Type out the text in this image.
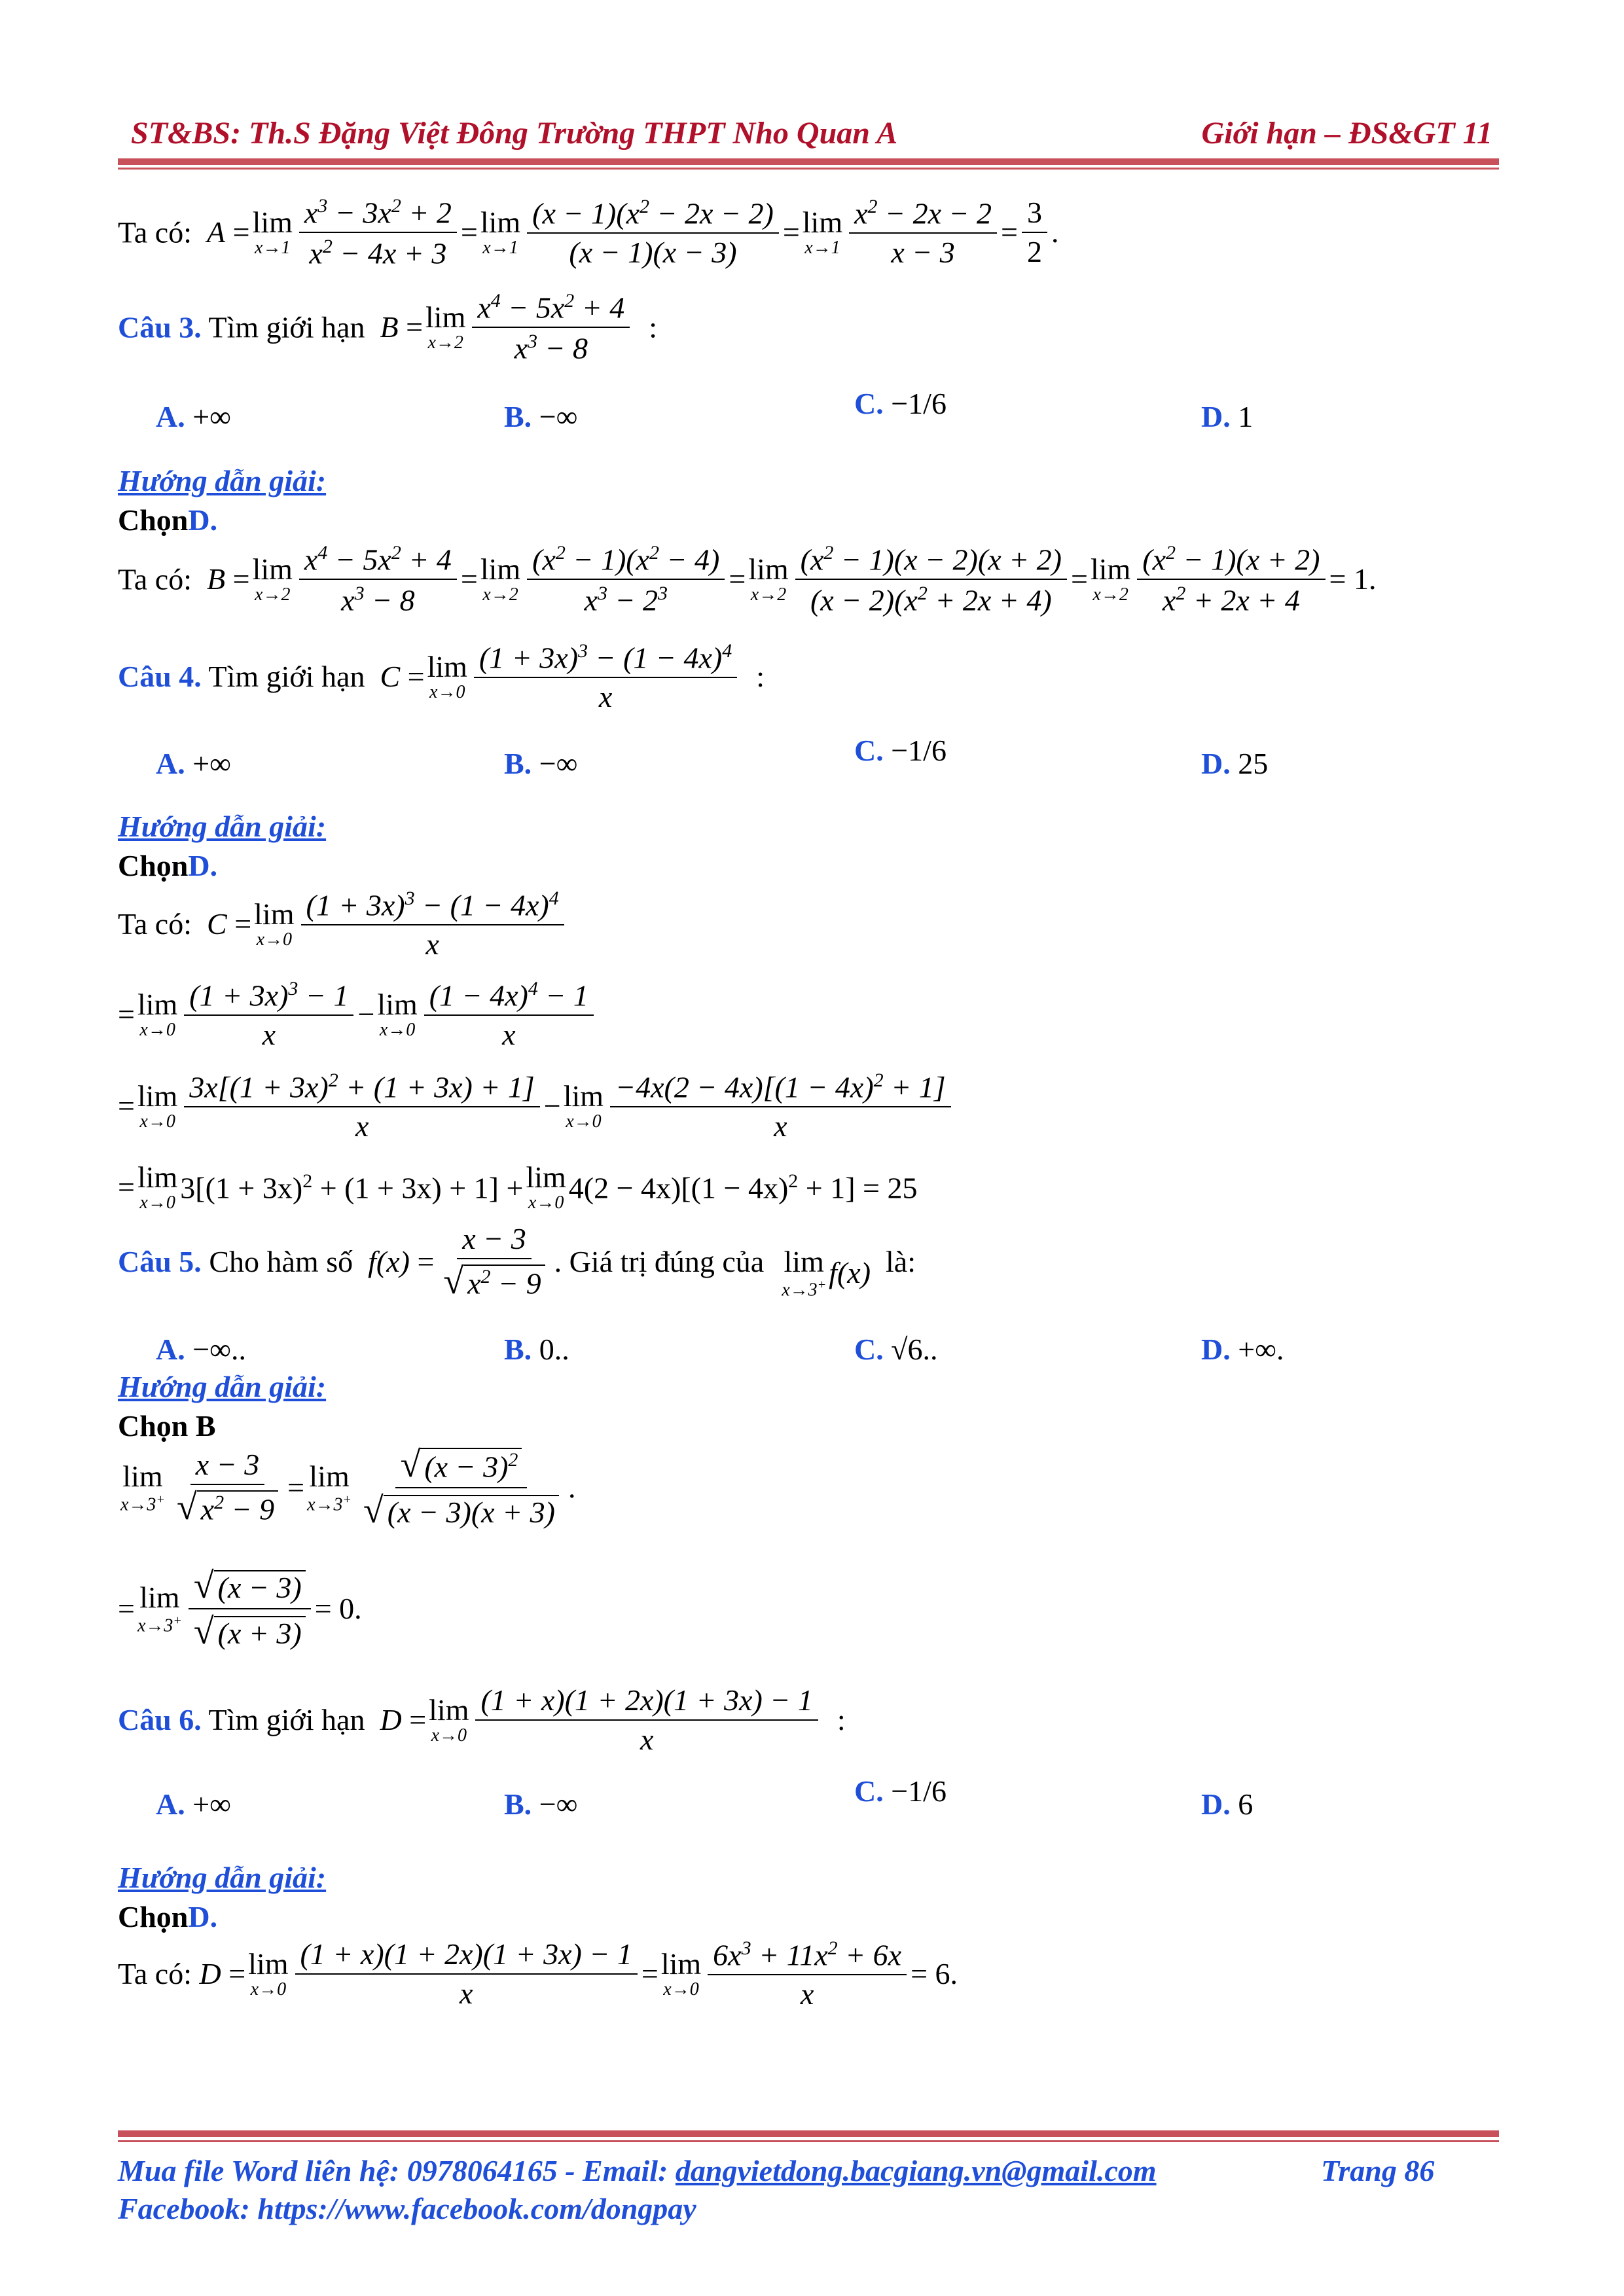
ST&BS: Th.S Đặng Việt Đông Trường THPT Nho Quan A	Giới hạn – ĐS&GT 11
Ta có: A = lim
$x\to 1 \frac{x^3 - 3x^2 + 2}{x^2 - 4x + 3} = \lim$
$x\to 1 \frac{(x - 1)(x^2 - 2x - 2)}{(x - 1)(x - 3)} = \lim$
$x\to 1 \frac{x^2 - 2x - 2}{x - 3} = \frac{3}{2}$ .
Câu 3. Tìm giới hạn B = lim
$x\to 2 \frac{x^4 - 5x^2 + 4}{x^3 - 8}$ :
A. +∞	B. −∞	C. −1/6	D. 1
Hướng dẫn giải:
ChọnD.
Ta có: B = lim
$x\to 2 \frac{x^4 - 5x^2 + 4}{x^3 - 8} = \lim$
$x\to 2 \frac{(x^2 - 1)(x^2 - 4)}{x^3 - 2^3} = \lim$
$x\to 2 \frac{(x^2 - 1)(x - 2)(x + 2)}{(x - 2)(x^2 + 2x + 4)} = \lim$
$x\to 2 \frac{(x^2 - 1)(x + 2)}{x^2 + 2x + 4} = 1$.
Câu 4. Tìm giới hạn C = lim
$x\to 0 \frac{(1 + 3x)^3 - (1 - 4x)^4}{x}$ :
A. +∞	B. −∞	C. −1/6	D. 25
Hướng dẫn giải:
ChọnD.
Ta có: C = lim
$x\to 0 \frac{(1 + 3x)^3 - (1 - 4x)^4}{x}$
= lim
$x\to 0 \frac{(1 + 3x)^3 - 1}{x} - \lim$
$x\to 0 \frac{(1 - 4x)^4 - 1}{x}$
= lim
$x\to 0 \frac{3x[(1 + 3x)^2 + (1 + 3x) + 1]}{x} - \lim$
$x\to 0 \frac{-4x(2 - 4x)[(1 - 4x)^2 + 1]}{x}$
= lim
x→0 $3[(1 + 3x)^2 + (1 + 3x) + 1] + \lim$
x→0 $4(2 - 4x)[(1 - 4x)^2 + 1] = 25$
Câu 5. Cho hàm số $f(x) = \frac{x - 3}{√ x^2 - 9}$ . Giá trị đúng của lim
x→3+ f(x) là:
A. −∞..	B. 0..	C. √6..	D. +∞.
Hướng dẫn giải:
Chọn B
lim
$x\to 3^+ \frac{x - 3}{√ x^2 - 9} = \lim$
$x\to 3^+ \frac{√ (x - 3)^2}{√ (x - 3)(x + 3)}$ .
= lim
$x\to 3^+ \frac{√ (x - 3)}{√ (x + 3)} = 0$.
Câu 6. Tìm giới hạn D = lim
$x\to 0 \frac{(1 + x)(1 + 2x)(1 + 3x) - 1}{x}$ :
A. +∞	B. −∞	C. −1/6	D. 6
Hướng dẫn giải:
ChọnD.
Ta có: D = lim
$x\to 0 \frac{(1 + x)(1 + 2x)(1 + 3x) - 1}{x} = \lim$
$x\to 0 \frac{6x^3 + 11x^2 + 6x}{x} = 6$.
Mua file Word liên hệ: 0978064165 - Email: dangvietdong.bacgiang.vn@gmail.com	Trang 86
Facebook: https://www.facebook.com/dongpay
